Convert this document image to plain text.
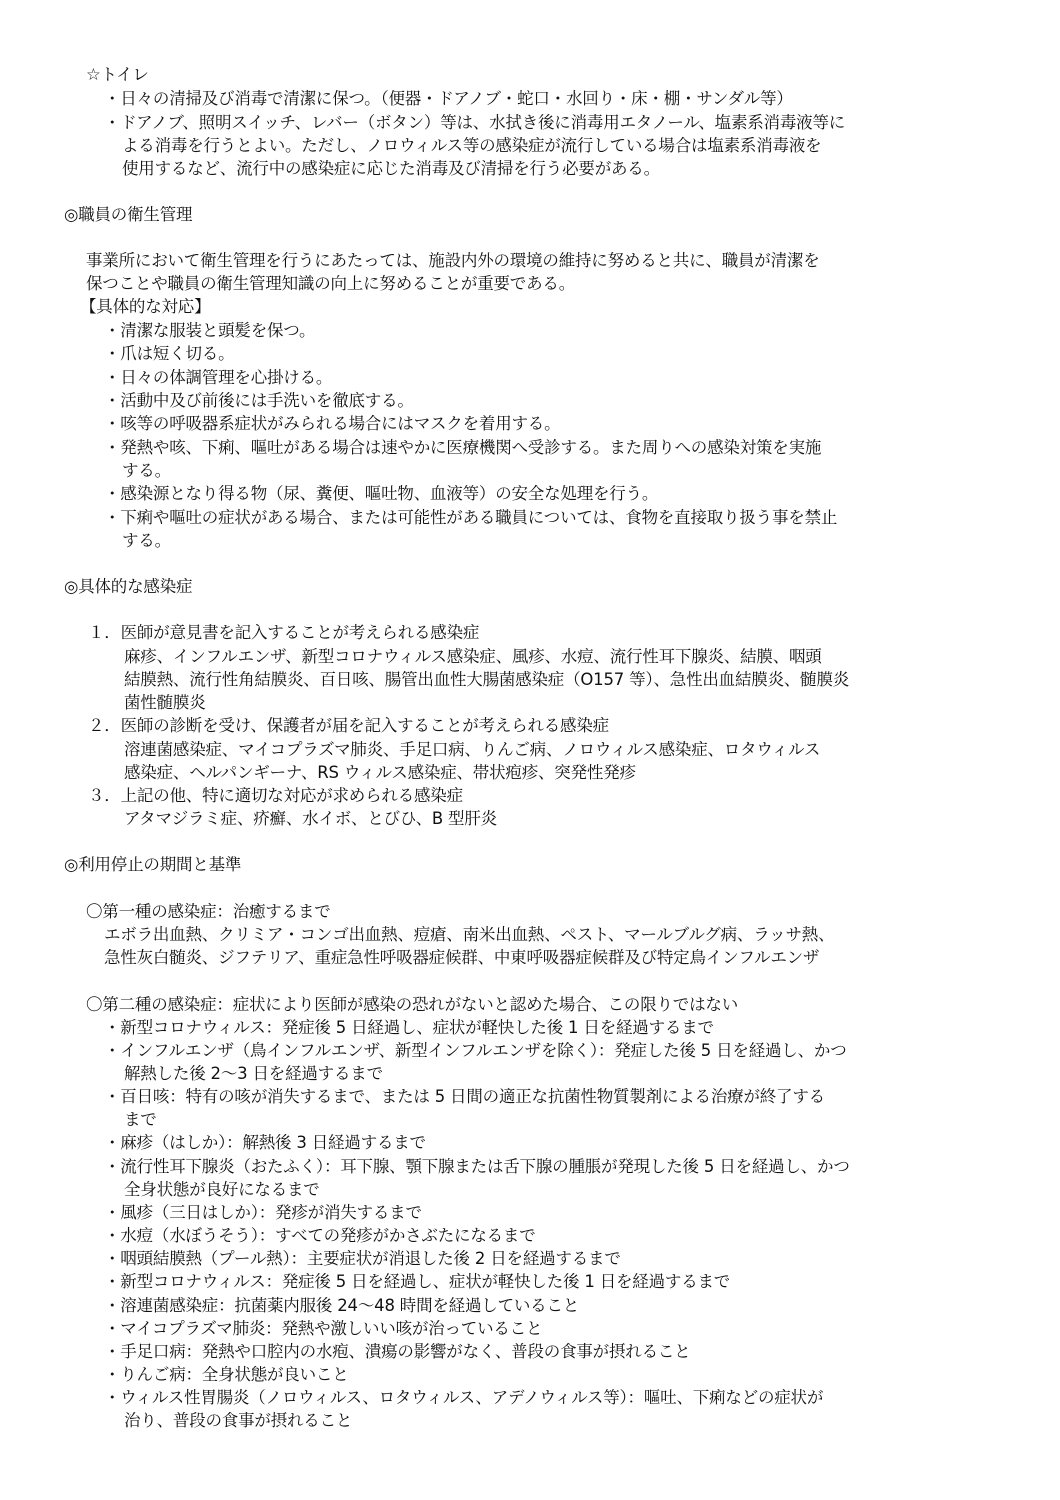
☆トイレ
・日々の清掃及び消毒で清潔に保つ。（便器・ドアノブ・蛇口・水回り・床・棚・サンダル等）
・ドアノブ、照明スイッチ、レバー（ボタン）等は、水拭き後に消毒用エタノール、塩素系消毒液等に
よる消毒を行うとよい。ただし、ノロウィルス等の感染症が流行している場合は塩素系消毒液を
使用するなど、流行中の感染症に応じた消毒及び清掃を行う必要がある。
◎職員の衛生管理
事業所において衛生管理を行うにあたっては、施設内外の環境の維持に努めると共に、職員が清潔を
保つことや職員の衛生管理知識の向上に努めることが重要である。
【具体的な対応】
・清潔な服装と頭髪を保つ。
・爪は短く切る。
・日々の体調管理を心掛ける。
・活動中及び前後には手洗いを徹底する。
・咳等の呼吸器系症状がみられる場合にはマスクを着用する。
・発熱や咳、下痢、嘔吐がある場合は速やかに医療機関へ受診する。また周りへの感染対策を実施
する。
・感染源となり得る物（尿、糞便、嘔吐物、血液等）の安全な処理を行う。
・下痢や嘔吐の症状がある場合、または可能性がある職員については、食物を直接取り扱う事を禁止
する。
◎具体的な感染症
１．医師が意見書を記入することが考えられる感染症
麻疹、インフルエンザ、新型コロナウィルス感染症、風疹、水痘、流行性耳下腺炎、結膜、咽頭
結膜熱、流行性角結膜炎、百日咳、腸管出血性大腸菌感染症（O157 等）、急性出血結膜炎、髄膜炎
菌性髄膜炎
２．医師の診断を受け、保護者が届を記入することが考えられる感染症
溶連菌感染症、マイコプラズマ肺炎、手足口病、りんご病、ノロウィルス感染症、ロタウィルス
感染症、ヘルパンギーナ、RS ウィルス感染症、帯状疱疹、突発性発疹
３．上記の他、特に適切な対応が求められる感染症
アタマジラミ症、疥癬、水イボ、とびひ、B 型肝炎
◎利用停止の期間と基準
〇第一種の感染症：治癒するまで
エボラ出血熱、クリミア・コンゴ出血熱、痘瘡、南米出血熱、ペスト、マールブルグ病、ラッサ熱、
急性灰白髄炎、ジフテリア、重症急性呼吸器症候群、中東呼吸器症候群及び特定鳥インフルエンザ
〇第二種の感染症：症状により医師が感染の恐れがないと認めた場合、この限りではない
・新型コロナウィルス：発症後 5 日経過し、症状が軽快した後 1 日を経過するまで
・インフルエンザ（鳥インフルエンザ、新型インフルエンザを除く）：発症した後 5 日を経過し、かつ
解熱した後 2～3 日を経過するまで
・百日咳：特有の咳が消失するまで、または 5 日間の適正な抗菌性物質製剤による治療が終了する
まで
・麻疹（はしか）：解熱後 3 日経過するまで
・流行性耳下腺炎（おたふく）：耳下腺、顎下腺または舌下腺の腫脹が発現した後 5 日を経過し、かつ
全身状態が良好になるまで
・風疹（三日はしか）：発疹が消失するまで
・水痘（水ぼうそう）：すべての発疹がかさぶたになるまで
・咽頭結膜熱（プール熱）：主要症状が消退した後 2 日を経過するまで
・新型コロナウィルス：発症後 5 日を経過し、症状が軽快した後 1 日を経過するまで
・溶連菌感染症：抗菌薬内服後 24～48 時間を経過していること
・マイコプラズマ肺炎：発熱や激しいい咳が治っていること
・手足口病：発熱や口腔内の水疱、潰瘍の影響がなく、普段の食事が摂れること
・りんご病：全身状態が良いこと
・ウィルス性胃腸炎（ノロウィルス、ロタウィルス、アデノウィルス等）：嘔吐、下痢などの症状が
治り、普段の食事が摂れること
